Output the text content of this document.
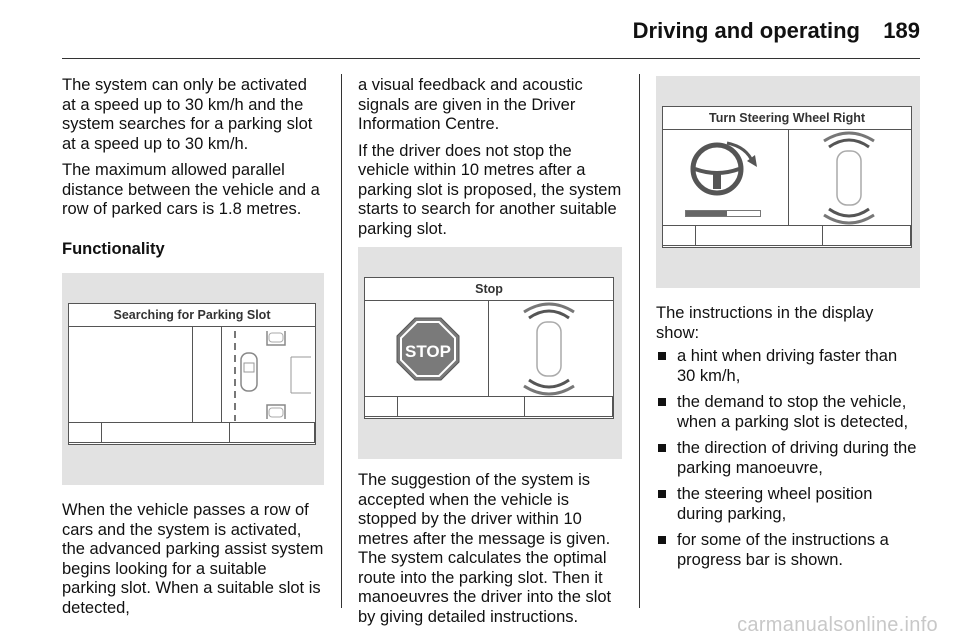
Driving and operating 189

The system can only be activated at a speed up to 30 km/h and the system searches for a parking slot at a speed up to 30 km/h.

The maximum allowed parallel distance between the vehicle and a row of parked cars is 1.8 metres.

Functionality
Searching for Parking Slot

When the vehicle passes a row of cars and the system is activated, the advanced parking assist system begins looking for a suitable parking slot. When a suitable slot is detected,

a visual feedback and acoustic signals are given in the Driver Information Centre.

If the driver does not stop the vehicle within 10 metres after a parking slot is proposed, the system starts to search for another suitable parking slot.

Stop
STOP

The suggestion of the system is accepted when the vehicle is stopped by the driver within 10 metres after the message is given. The system calculates the optimal route into the parking slot. Then it manoeuvres the driver into the slot by giving detailed instructions.

Turn Steering Wheel Right

The instructions in the display show:

a hint when driving faster than 30 km/h,
the demand to stop the vehicle, when a parking slot is detected,
the direction of driving during the parking manoeuvre,
the steering wheel position during parking,
for some of the instructions a progress bar is shown.
carmanualsonline.info
